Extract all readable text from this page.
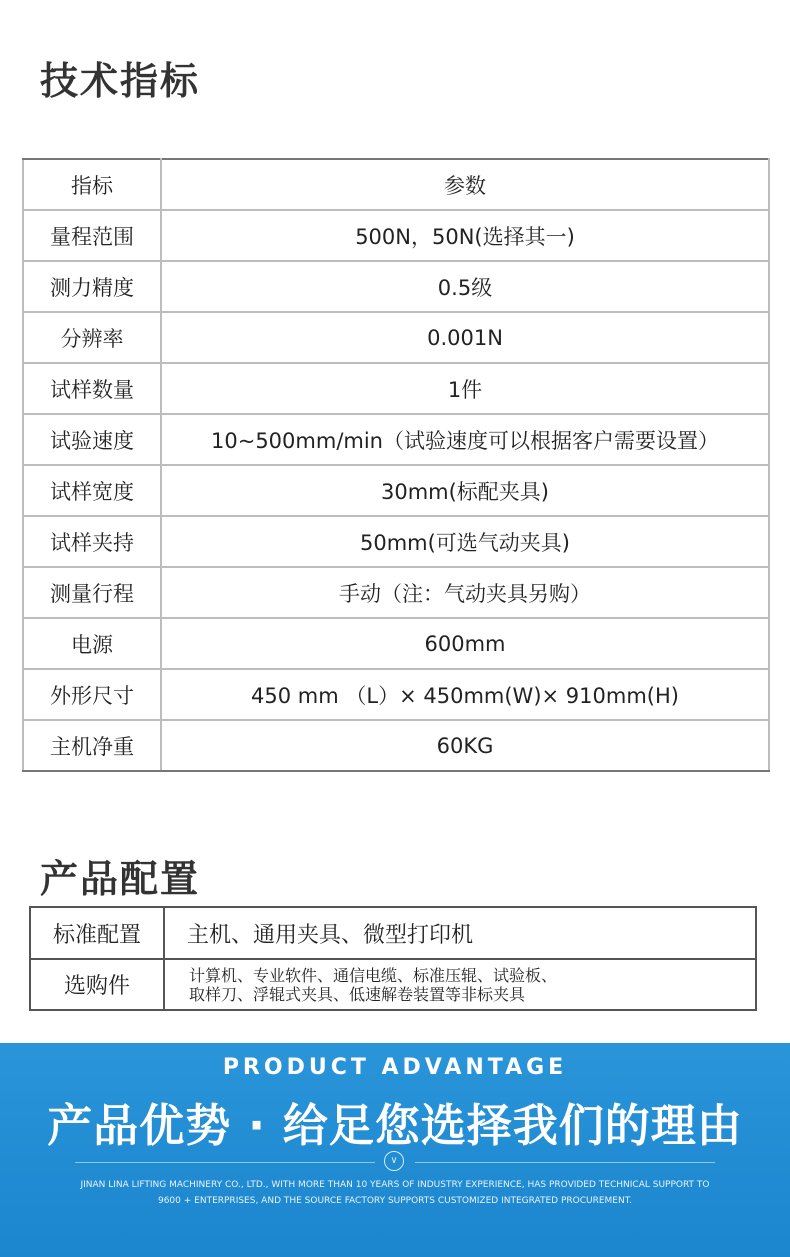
技术指标
指标	参数
量程范围	500N，50N(选择其一)
测力精度	0.5级
分辨率	0.001N
试样数量	1件
试验速度	10~500mm/min（试验速度可以根据客户需要设置）
试样宽度	30mm(标配夹具)
试样夹持	50mm(可选气动夹具)
测量行程	手动（注：气动夹具另购）
电源	600mm
外形尺寸	450 mm （L）× 450mm(W)× 910mm(H)
主机净重	60KG
产品配置
标准配置	主机、通用夹具、微型打印机
选购件	计算机、专业软件、通信电缆、标准压辊、试验板、
取样刀、浮辊式夹具、低速解卷装置等非标夹具
PRODUCT ADVANTAGE
产品优势 · 给足您选择我们的理由
∨
JINAN LINA LIFTING MACHINERY CO., LTD., WITH MORE THAN 10 YEARS OF INDUSTRY EXPERIENCE, HAS PROVIDED TECHNICAL SUPPORT TO
9600 + ENTERPRISES, AND THE SOURCE FACTORY SUPPORTS CUSTOMIZED INTEGRATED PROCUREMENT.
